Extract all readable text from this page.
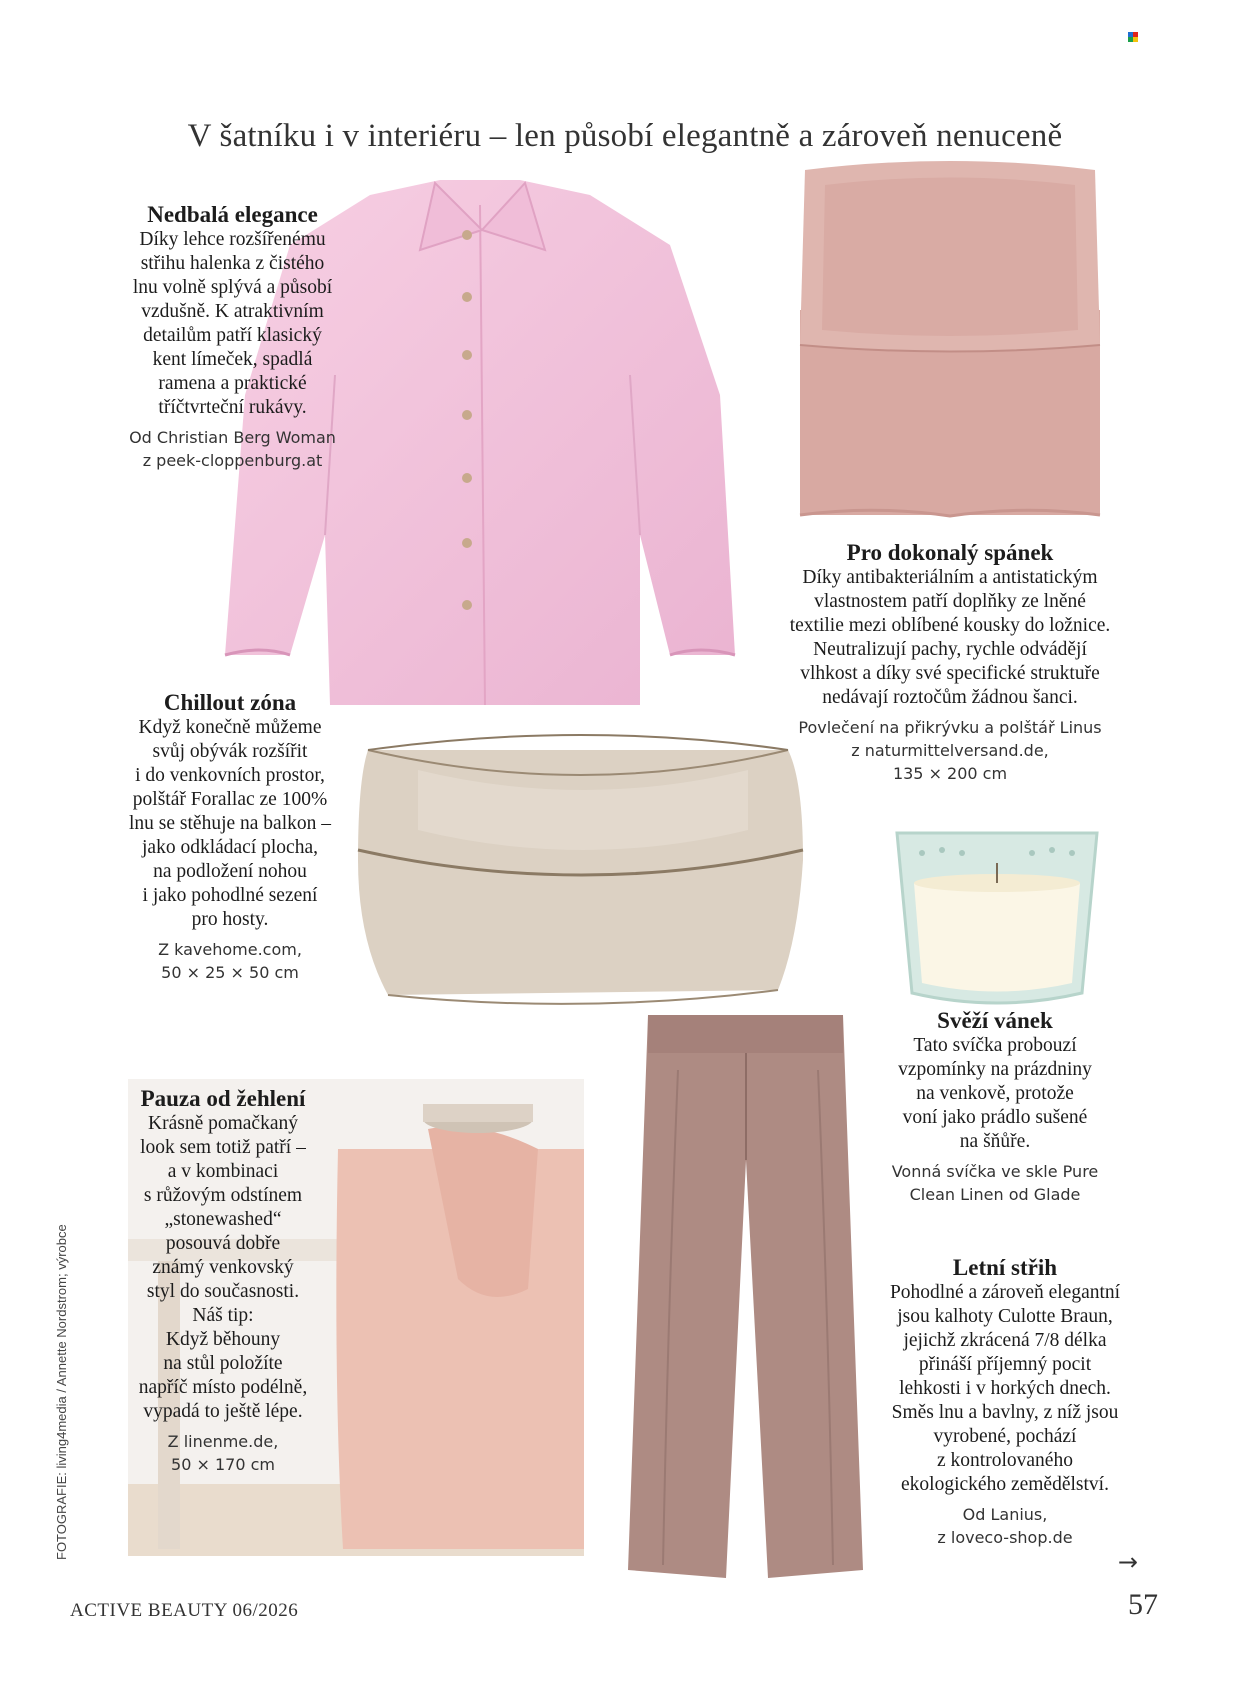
V šatníku i v interiéru – len působí elegantně a zároveň nenuceně
Nedbalá elegance
Díky lehce rozšířenému
střihu halenka z čistého
lnu volně splývá a působí
vzdušně. K atraktivním
detailům patří klasický
kent límeček, spadlá
ramena a praktické
tříčtvrteční rukávy.
Od Christian Berg Woman
z peek-cloppenburg.at
Pro dokonalý spánek
Díky antibakteriálním a antistatickým
vlastnostem patří doplňky ze lněné
textilie mezi oblíbené kousky do ložnice.
Neutralizují pachy, rychle odvádějí
vlhkost a díky své specifické struktuře
nedávají roztočům žádnou šanci.
Povlečení na přikrývku a polštář Linus
z naturmittelversand.de,
135 × 200 cm
Chillout zóna
Když konečně můžeme
svůj obývák rozšířit
i do venkovních prostor,
polštář Forallac ze 100%
lnu se stěhuje na balkon –
jako odkládací plocha,
na podložení nohou
i jako pohodlné sezení
pro hosty.
Z kavehome.com,
50 × 25 × 50 cm
Svěží vánek
Tato svíčka probouzí
vzpomínky na prázdniny
na venkově, protože
voní jako prádlo sušené
na šňůře.
Vonná svíčka ve skle Pure
Clean Linen od Glade
Pauza od žehlení
Krásně pomačkaný
look sem totiž patří –
a v kombinaci
s růžovým odstínem
„stonewashed“
posouvá dobře
známý venkovský
styl do současnosti.
Náš tip:
Když běhouny
na stůl položíte
napříč místo podélně,
vypadá to ještě lépe.
Z linenme.de,
50 × 170 cm
Letní střih
Pohodlné a zároveň elegantní
jsou kalhoty Culotte Braun,
jejichž zkrácená 7/8 délka
přináší příjemný pocit
lehkosti i v horkých dnech.
Směs lnu a bavlny, z níž jsou
vyrobené, pochází
z kontrolovaného
ekologického zemědělství.
Od Lanius,
z loveco-shop.de
FOTOGRAFIE: living4media / Annette Nordstrom; výrobce
→
ACTIVE BEAUTY 06/2026	57
